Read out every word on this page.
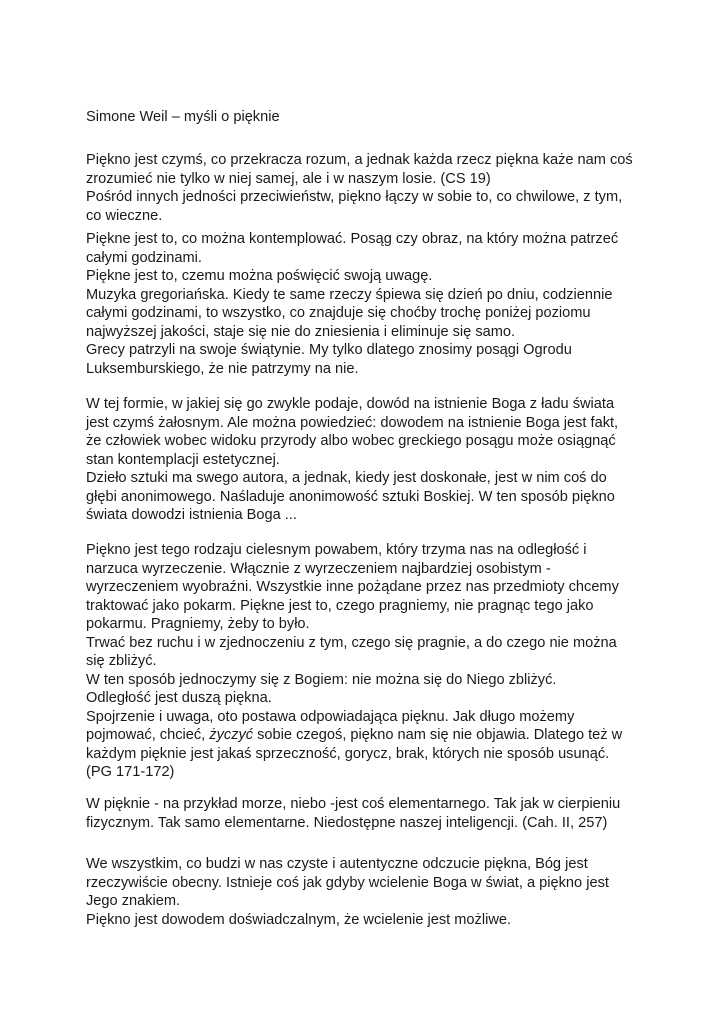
Simone Weil – myśli o pięknie
Piękno jest czymś, co przekracza rozum, a jednak każda rzecz piękna każe nam coś
zrozumieć nie tylko w niej samej, ale i w naszym losie. (CS 19)
Pośród innych jedności przeciwieństw, piękno łączy w sobie to, co chwilowe, z tym,
co wieczne.
Piękne jest to, co można kontemplować. Posąg czy obraz, na który można patrzeć
całymi godzinami.
Piękne jest to, czemu można poświęcić swoją uwagę.
Muzyka gregoriańska. Kiedy te same rzeczy śpiewa się dzień po dniu, codziennie
całymi godzinami, to wszystko, co znajduje się choćby trochę poniżej poziomu
najwyższej jakości, staje się nie do zniesienia i eliminuje się samo.
Grecy patrzyli na swoje świątynie. My tylko dlatego znosimy posągi Ogrodu
Luksemburskiego, że nie patrzymy na nie.
W tej formie, w jakiej się go zwykle podaje, dowód na istnienie Boga z ładu świata
jest czymś żałosnym. Ale można powiedzieć: dowodem na istnienie Boga jest fakt,
że człowiek wobec widoku przyrody albo wobec greckiego posągu może osiągnąć
stan kontemplacji estetycznej.
Dzieło sztuki ma swego autora, a jednak, kiedy jest doskonałe, jest w nim coś do
głębi anonimowego. Naśladuje anonimowość sztuki Boskiej. W ten sposób piękno
świata dowodzi istnienia Boga ...
Piękno jest tego rodzaju cielesnym powabem, który trzyma nas na odległość i
narzuca wyrzeczenie. Włącznie z wyrzeczeniem najbardziej osobistym -
wyrzeczeniem wyobraźni. Wszystkie inne pożądane przez nas przedmioty chcemy
traktować jako pokarm. Piękne jest to, czego pragniemy, nie pragnąc tego jako
pokarmu. Pragniemy, żeby to było.
Trwać bez ruchu i w zjednoczeniu z tym, czego się pragnie, a do czego nie można
się zbliżyć.
W ten sposób jednoczymy się z Bogiem: nie można się do Niego zbliżyć.
Odległość jest duszą piękna.
Spojrzenie i uwaga, oto postawa odpowiadająca pięknu. Jak długo możemy
pojmować, chcieć, życzyć sobie czegoś, piękno nam się nie objawia. Dlatego też w
każdym pięknie jest jakaś sprzeczność, gorycz, brak, których nie sposób usunąć.
(PG 171-172)
W pięknie - na przykład morze, niebo -jest coś elementarnego. Tak jak w cierpieniu
fizycznym. Tak samo elementarne. Niedostępne naszej inteligencji. (Cah. II, 257)
We wszystkim, co budzi w nas czyste i autentyczne odczucie piękna, Bóg jest
rzeczywiście obecny. Istnieje coś jak gdyby wcielenie Boga w świat, a piękno jest
Jego znakiem.
Piękno jest dowodem doświadczalnym, że wcielenie jest możliwe.
